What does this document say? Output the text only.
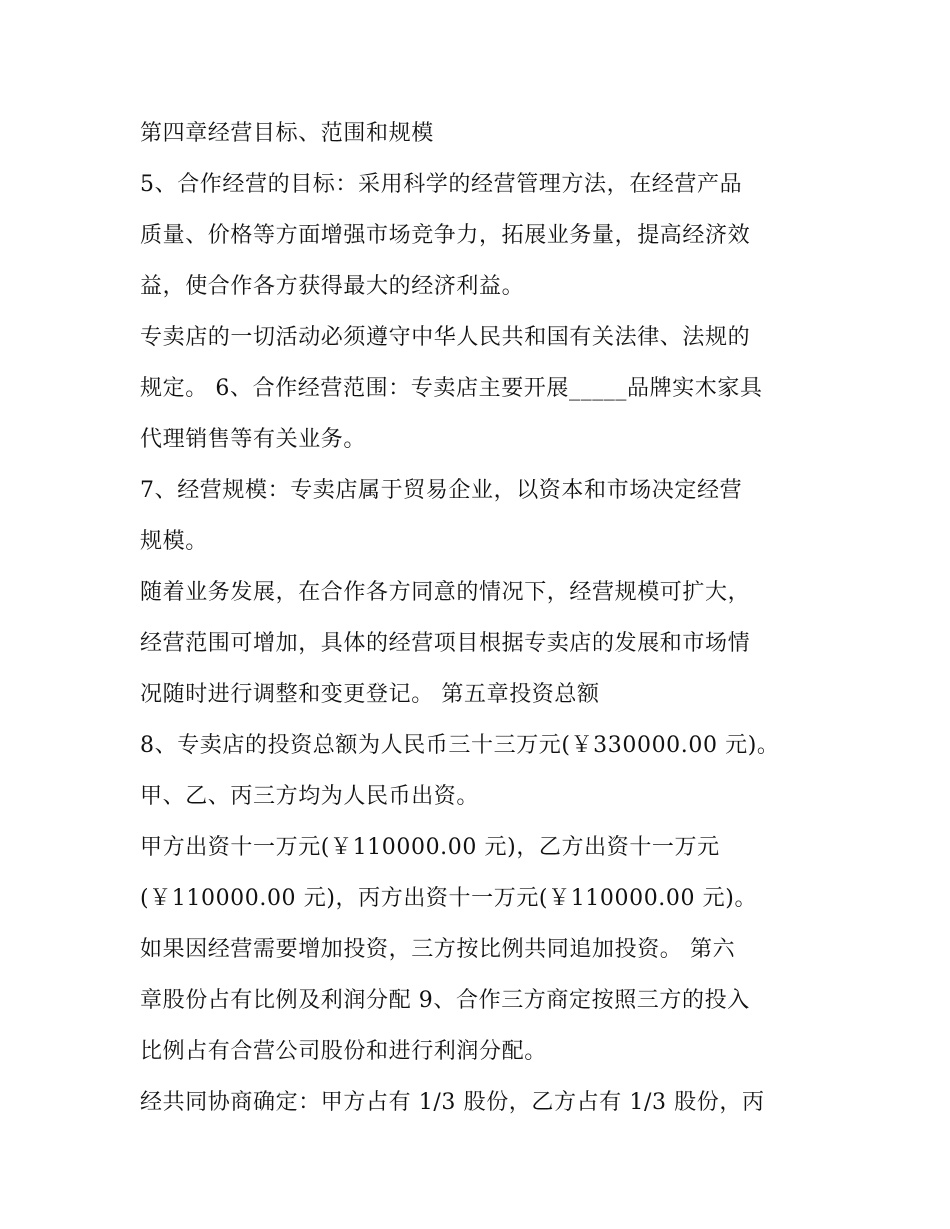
第四章经营目标、范围和规模
5、合作经营的目标：采用科学的经营管理方法，在经营产品
质量、价格等方面增强市场竞争力，拓展业务量，提高经济效
益，使合作各方获得最大的经济利益。
专卖店的一切活动必须遵守中华人民共和国有关法律、法规的
规定。 6、合作经营范围：专卖店主要开展_____品牌实木家具
代理销售等有关业务。
7、经营规模：专卖店属于贸易企业，以资本和市场决定经营
规模。
随着业务发展，在合作各方同意的情况下，经营规模可扩大，
经营范围可增加，具体的经营项目根据专卖店的发展和市场情
况随时进行调整和变更登记。 第五章投资总额
8、专卖店的投资总额为人民币三十三万元(￥330000.00 元)。
甲、乙、丙三方均为人民币出资。
甲方出资十一万元(￥110000.00 元)，乙方出资十一万元
(￥110000.00 元)，丙方出资十一万元(￥110000.00 元)。
如果因经营需要增加投资，三方按比例共同追加投资。 第六
章股份占有比例及利润分配 9、合作三方商定按照三方的投入
比例占有合营公司股份和进行利润分配。
经共同协商确定：甲方占有 1/3 股份，乙方占有 1/3 股份，丙
